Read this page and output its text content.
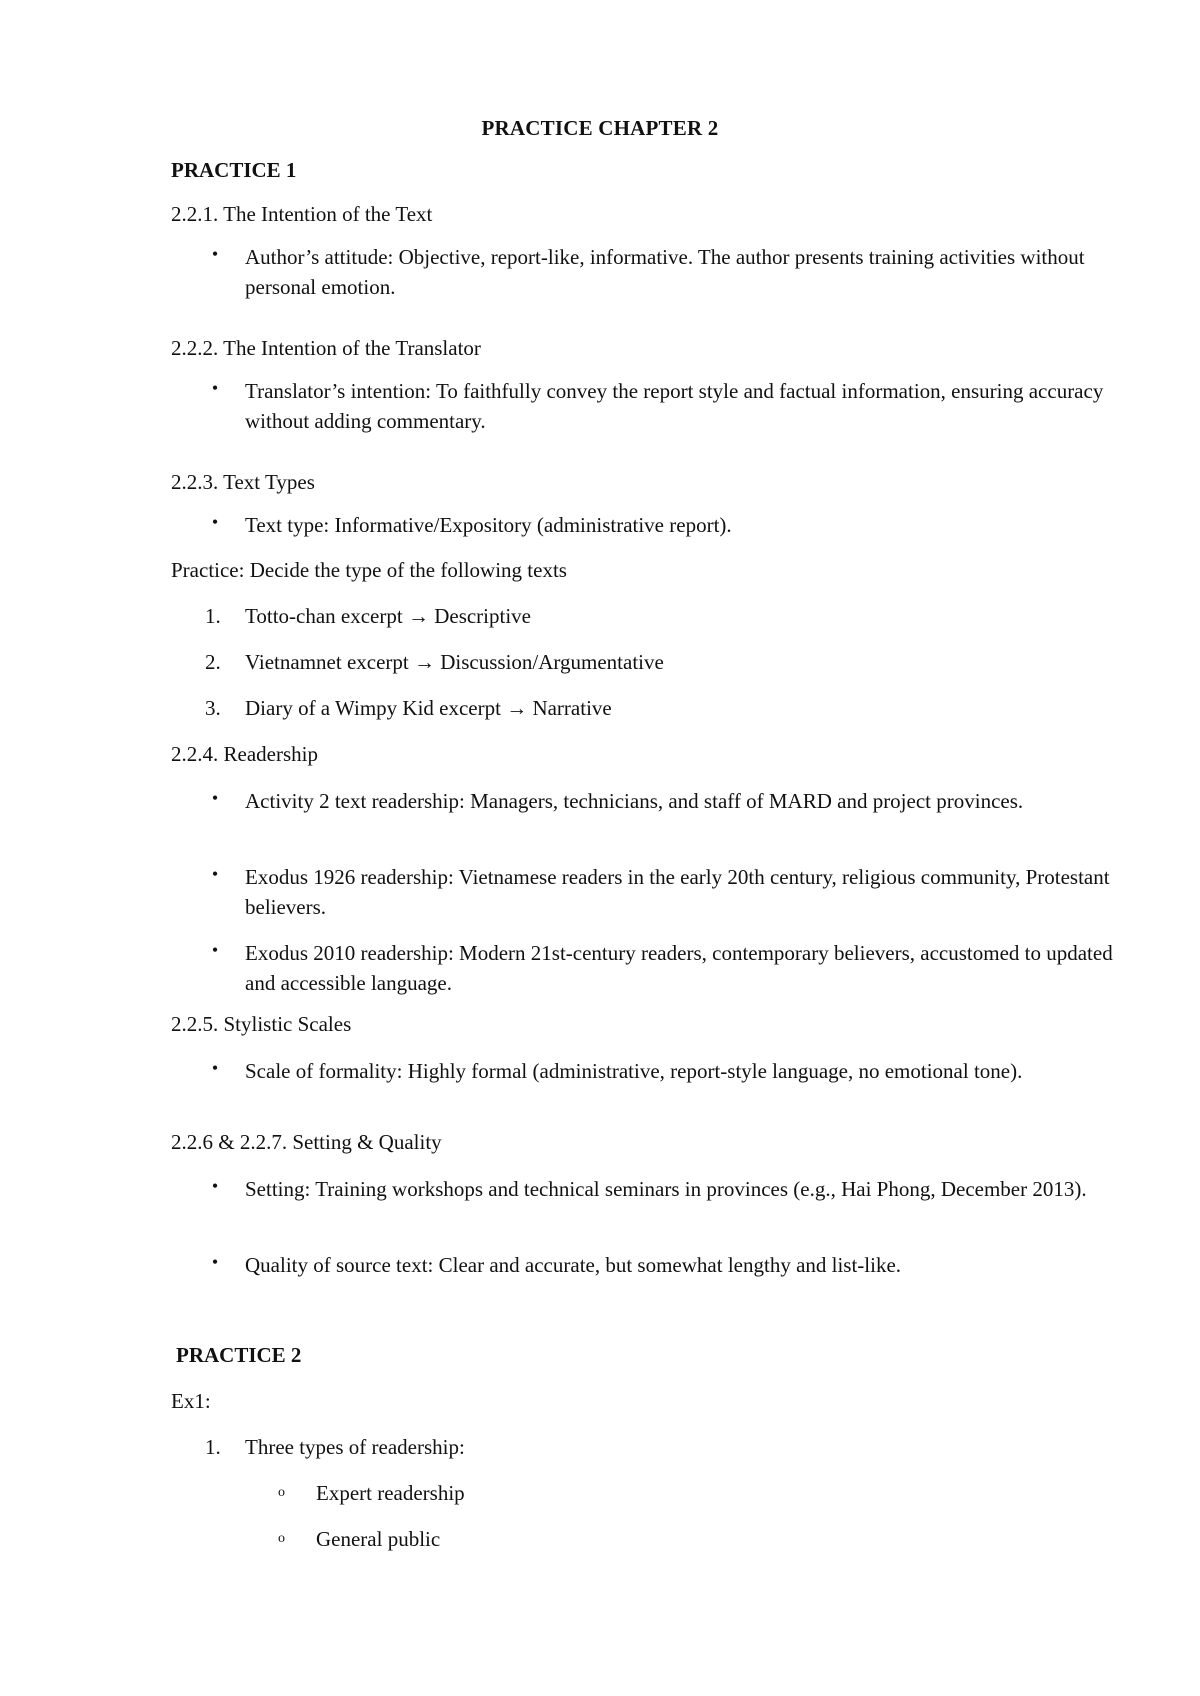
PRACTICE CHAPTER 2
PRACTICE 1
2.2.1. The Intention of the Text
•	Author’s attitude: Objective, report-like, informative. The author presents training activities without personal emotion.
2.2.2. The Intention of the Translator
•	Translator’s intention: To faithfully convey the report style and factual information, ensuring accuracy without adding commentary.
2.2.3. Text Types
•	Text type: Informative/Expository (administrative report).
Practice: Decide the type of the following texts
1.	Totto-chan excerpt → Descriptive
2.	Vietnamnet excerpt → Discussion/Argumentative
3.	Diary of a Wimpy Kid excerpt → Narrative
2.2.4. Readership
•	Activity 2 text readership: Managers, technicians, and staff of MARD and project provinces.
•	Exodus 1926 readership: Vietnamese readers in the early 20th century, religious community, Protestant believers.
•	Exodus 2010 readership: Modern 21st-century readers, contemporary believers, accustomed to updated and accessible language.
2.2.5. Stylistic Scales
•	Scale of formality: Highly formal (administrative, report-style language, no emotional tone).
2.2.6 & 2.2.7. Setting & Quality
•	Setting: Training workshops and technical seminars in provinces (e.g., Hai Phong, December 2013).
•	Quality of source text: Clear and accurate, but somewhat lengthy and list-like.
PRACTICE 2
Ex1:
1.	Three types of readership:
o Expert readership
o General public
